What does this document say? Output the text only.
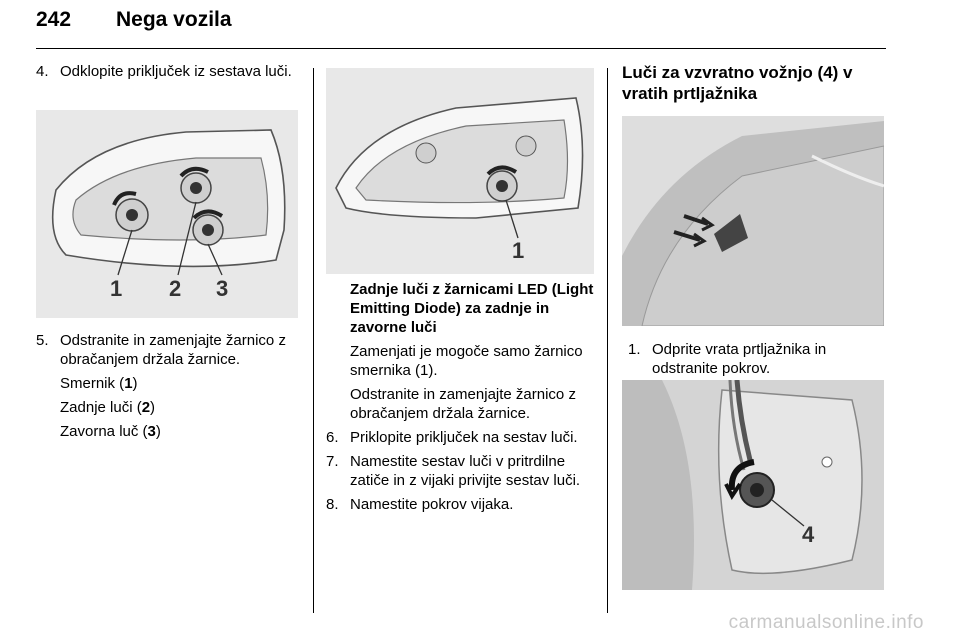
242 Nega vozila
4. Odklopite priključek iz sestava luči.
1 2 3
5. Odstranite in zamenjajte žarnico z obračanjem držala žarnice.
Smernik (1)
Zadnje luči (2)
Zavorna luč (3)
1
Zadnje luči z žarnicami LED (Light Emitting Diode) za zadnje in zavorne luči
Zamenjati je mogoče samo žarnico smernika (1).
Odstranite in zamenjajte žarnico z obračanjem držala žarnice.
6. Priklopite priključek na sestav luči.
7. Namestite sestav luči v pritrdilne zatiče in z vijaki privijte sestav luči.
8. Namestite pokrov vijaka.
Luči za vzvratno vožnjo (4) v vratih prtljažnika
1. Odprite vrata prtljažnika in odstranite pokrov.
4
carmanualsonline.info
